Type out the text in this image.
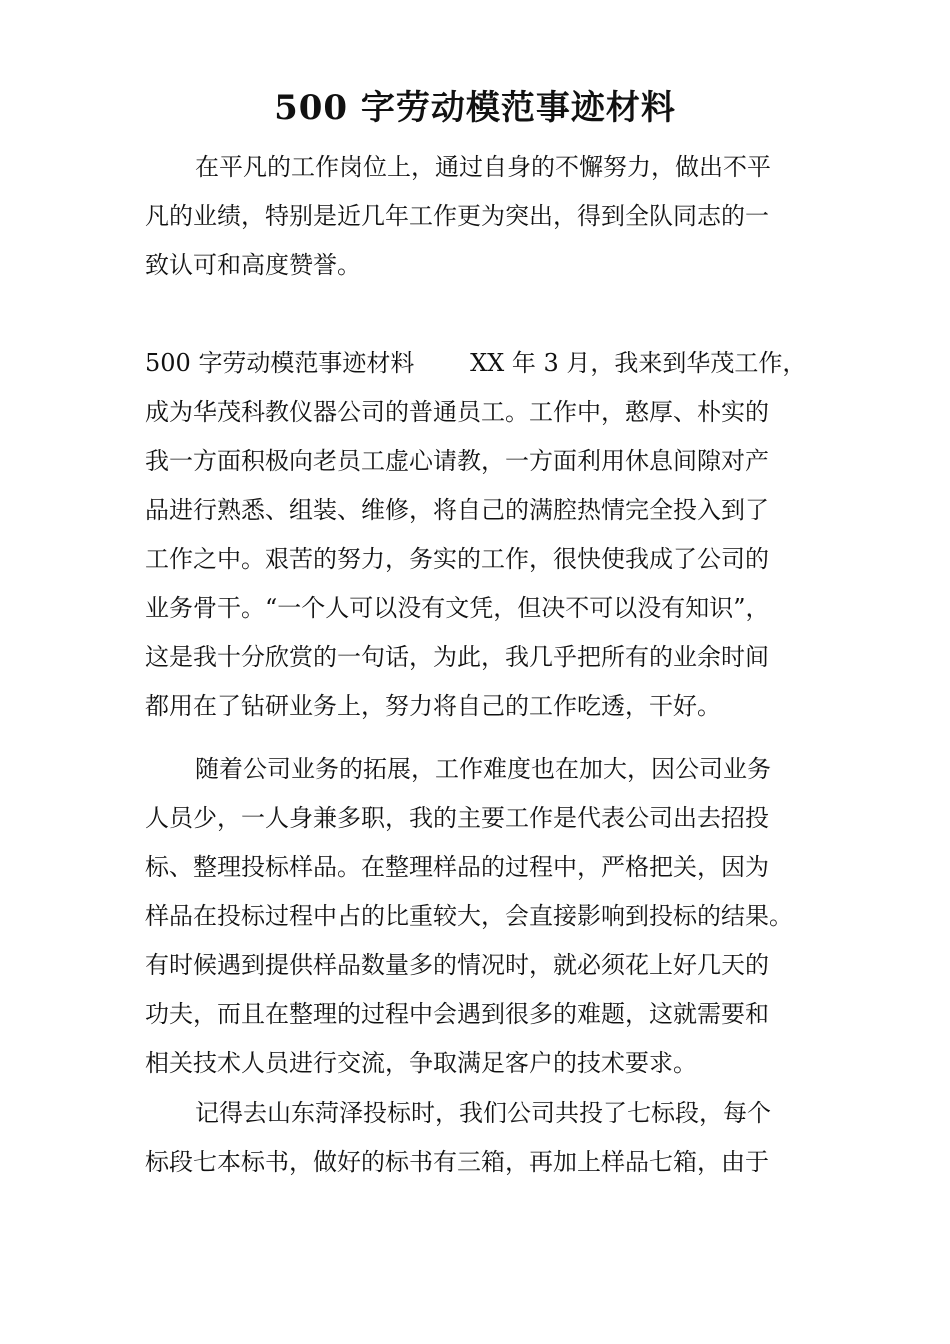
500 字劳动模范事迹材料
在平凡的工作岗位上，通过自身的不懈努力，做出不平
凡的业绩，特别是近几年工作更为突出，得到全队同志的一
致认可和高度赞誉。
500 字劳动模范事迹材料　　 XX 年 3 月，我来到华茂工作，
成为华茂科教仪器公司的普通员工。工作中，憨厚、朴实的
我一方面积极向老员工虚心请教，一方面利用休息间隙对产
品进行熟悉、组装、维修，将自己的满腔热情完全投入到了
工作之中。艰苦的努力，务实的工作，很快使我成了公司的
业务骨干。“一个人可以没有文凭，但决不可以没有知识”，
这是我十分欣赏的一句话，为此，我几乎把所有的业余时间
都用在了钻研业务上，努力将自己的工作吃透，干好。
随着公司业务的拓展，工作难度也在加大，因公司业务
人员少，一人身兼多职，我的主要工作是代表公司出去招投
标、整理投标样品。在整理样品的过程中，严格把关，因为
样品在投标过程中占的比重较大，会直接影响到投标的结果。
有时候遇到提供样品数量多的情况时，就必须花上好几天的
功夫，而且在整理的过程中会遇到很多的难题，这就需要和
相关技术人员进行交流，争取满足客户的技术要求。
记得去山东菏泽投标时，我们公司共投了七标段，每个
标段七本标书，做好的标书有三箱，再加上样品七箱，由于
